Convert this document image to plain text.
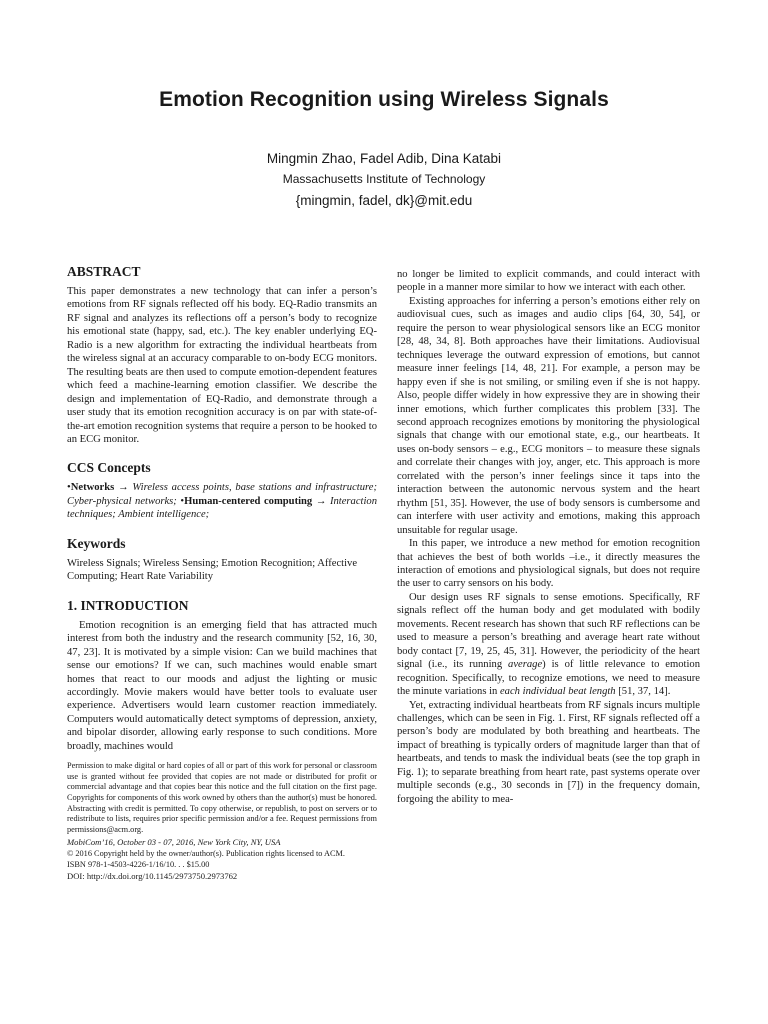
Emotion Recognition using Wireless Signals
Mingmin Zhao, Fadel Adib, Dina Katabi
Massachusetts Institute of Technology
{mingmin, fadel, dk}@mit.edu
ABSTRACT

This paper demonstrates a new technology that can infer a person’s emotions from RF signals reflected off his body. EQ-Radio transmits an RF signal and analyzes its reflections off a person’s body to recognize his emotional state (happy, sad, etc.). The key enabler underlying EQ-Radio is a new algorithm for extracting the individual heartbeats from the wireless signal at an accuracy comparable to on-body ECG monitors. The resulting beats are then used to compute emotion-dependent features which feed a machine-learning emotion classifier. We describe the design and implementation of EQ-Radio, and demonstrate through a user study that its emotion recognition accuracy is on par with state-of-the-art emotion recognition systems that require a person to be hooked to an ECG monitor.

CCS Concepts

•Networks → Wireless access points, base stations and infrastructure; Cyber-physical networks; •Human-centered computing → Interaction techniques; Ambient intelligence;

Keywords

Wireless Signals; Wireless Sensing; Emotion Recognition; Affective Computing; Heart Rate Variability

1. INTRODUCTION

Emotion recognition is an emerging field that has attracted much interest from both the industry and the research community [52, 16, 30, 47, 23]. It is motivated by a simple vision: Can we build machines that sense our emotions? If we can, such machines would enable smart homes that react to our moods and adjust the lighting or music accordingly. Movie makers would have better tools to evaluate user experience. Advertisers would learn customer reaction immediately. Computers would automatically detect symptoms of depression, anxiety, and bipolar disorder, allowing early response to such conditions. More broadly, machines would

Permission to make digital or hard copies of all or part of this work for personal or classroom use is granted without fee provided that copies are not made or distributed for profit or commercial advantage and that copies bear this notice and the full citation on the first page. Copyrights for components of this work owned by others than the author(s) must be honored. Abstracting with credit is permitted. To copy otherwise, or republish, to post on servers or to redistribute to lists, requires prior specific permission and/or a fee. Request permissions from permissions@acm.org.

MobiCom’16, October 03 - 07, 2016, New York City, NY, USA

© 2016 Copyright held by the owner/author(s). Publication rights licensed to ACM.

ISBN 978-1-4503-4226-1/16/10. . . $15.00

DOI: http://dx.doi.org/10.1145/2973750.2973762

no longer be limited to explicit commands, and could interact with people in a manner more similar to how we interact with each other.

Existing approaches for inferring a person’s emotions either rely on audiovisual cues, such as images and audio clips [64, 30, 54], or require the person to wear physiological sensors like an ECG monitor [28, 48, 34, 8]. Both approaches have their limitations. Audiovisual techniques leverage the outward expression of emotions, but cannot measure inner feelings [14, 48, 21]. For example, a person may be happy even if she is not smiling, or smiling even if she is not happy. Also, people differ widely in how expressive they are in showing their inner emotions, which further complicates this problem [33]. The second approach recognizes emotions by monitoring the physiological signals that change with our emotional state, e.g., our heartbeats. It uses on-body sensors – e.g., ECG monitors – to measure these signals and correlate their changes with joy, anger, etc. This approach is more correlated with the person’s inner feelings since it taps into the interaction between the autonomic nervous system and the heart rhythm [51, 35]. However, the use of body sensors is cumbersome and can interfere with user activity and emotions, making this approach unsuitable for regular usage.

In this paper, we introduce a new method for emotion recognition that achieves the best of both worlds –i.e., it directly measures the interaction of emotions and physiological signals, but does not require the user to carry sensors on his body.

Our design uses RF signals to sense emotions. Specifically, RF signals reflect off the human body and get modulated with bodily movements. Recent research has shown that such RF reflections can be used to measure a person’s breathing and average heart rate without body contact [7, 19, 25, 45, 31]. However, the periodicity of the heart signal (i.e., its running average) is of little relevance to emotion recognition. Specifically, to recognize emotions, we need to measure the minute variations in each individual beat length [51, 37, 14].

Yet, extracting individual heartbeats from RF signals incurs multiple challenges, which can be seen in Fig. 1. First, RF signals reflected off a person’s body are modulated by both breathing and heartbeats. The impact of breathing is typically orders of magnitude larger than that of heartbeats, and tends to mask the individual beats (see the top graph in Fig. 1); to separate breathing from heart rate, past systems operate over multiple seconds (e.g., 30 seconds in [7]) in the frequency domain, forgoing the ability to mea-
